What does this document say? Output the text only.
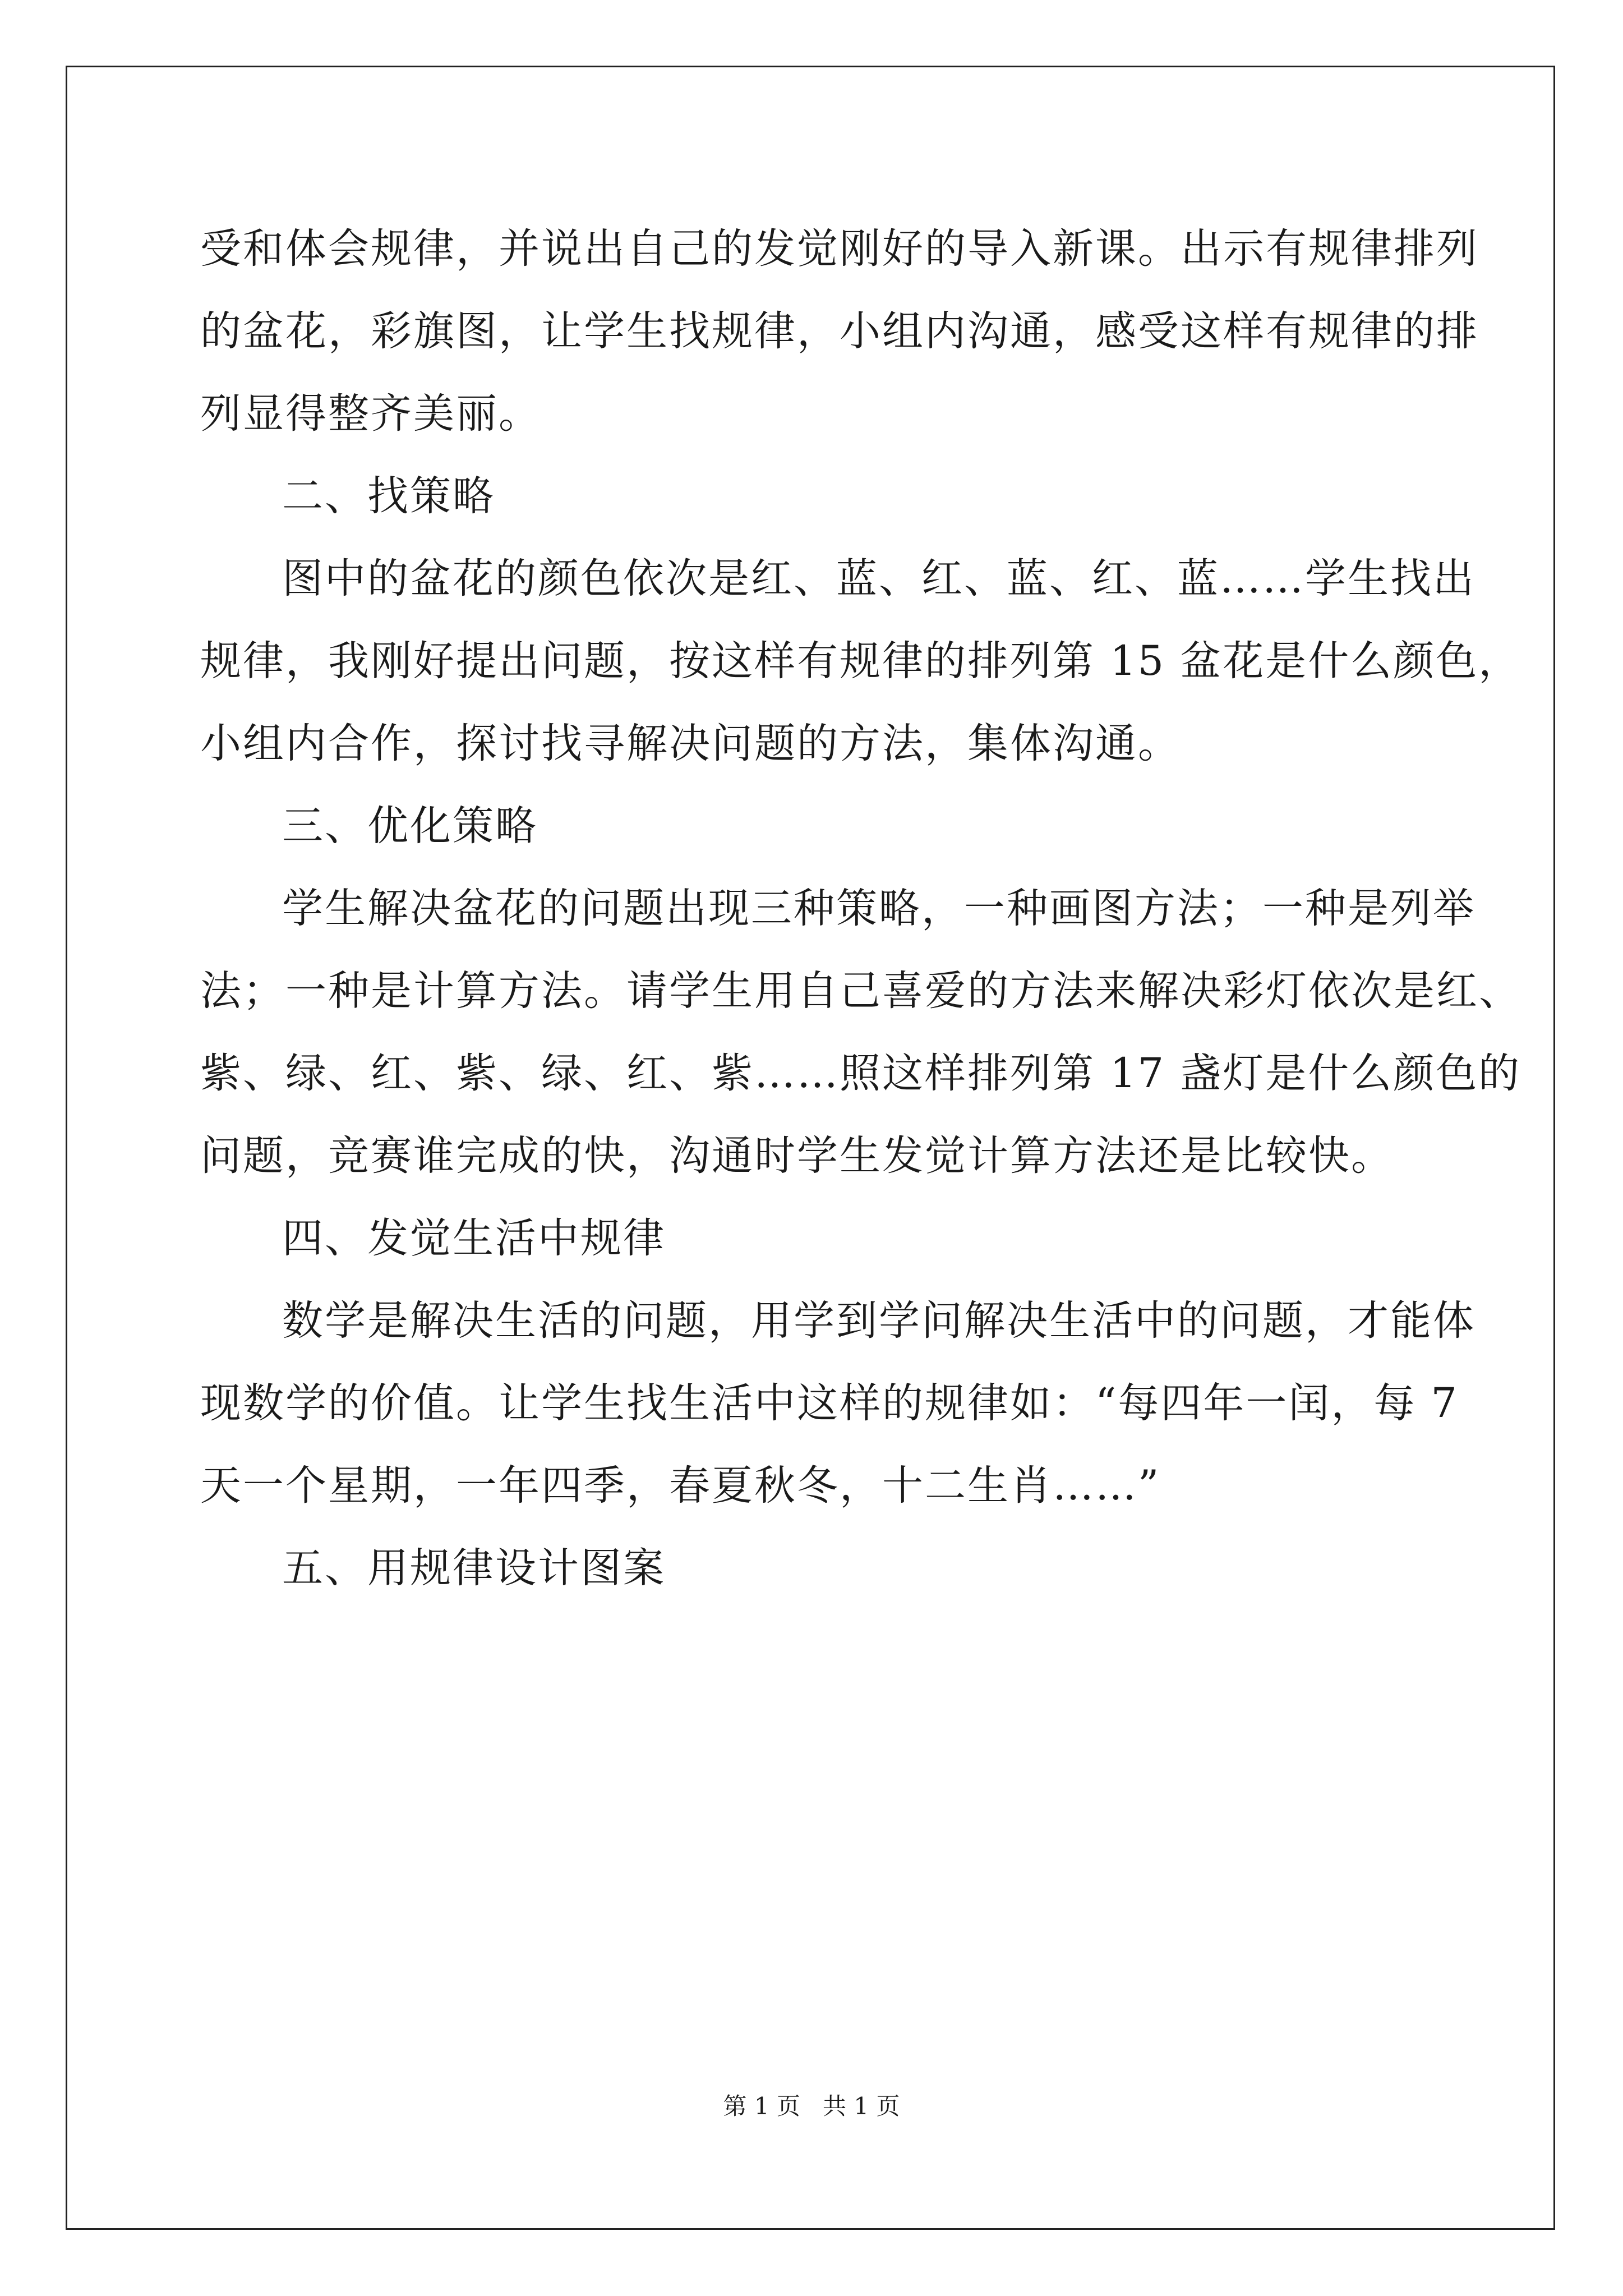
受和体会规律，并说出自己的发觉刚好的导入新课。出示有规律排列
的盆花，彩旗图，让学生找规律，小组内沟通，感受这样有规律的排
列显得整齐美丽。
二、找策略
图中的盆花的颜色依次是红、蓝、红、蓝、红、蓝……学生找出
规律，我刚好提出问题，按这样有规律的排列第 15 盆花是什么颜色，
小组内合作，探讨找寻解决问题的方法，集体沟通。
三、优化策略
学生解决盆花的问题出现三种策略，一种画图方法；一种是列举
法；一种是计算方法。请学生用自己喜爱的方法来解决彩灯依次是红、
紫、绿、红、紫、绿、红、紫……照这样排列第 17 盏灯是什么颜色的
问题，竞赛谁完成的快，沟通时学生发觉计算方法还是比较快。
四、发觉生活中规律
数学是解决生活的问题，用学到学问解决生活中的问题，才能体
现数学的价值。让学生找生活中这样的规律如：“每四年一闰，每 7
天一个星期，一年四季，春夏秋冬，十二生肖……”
五、用规律设计图案
第 1 页 共 1 页
